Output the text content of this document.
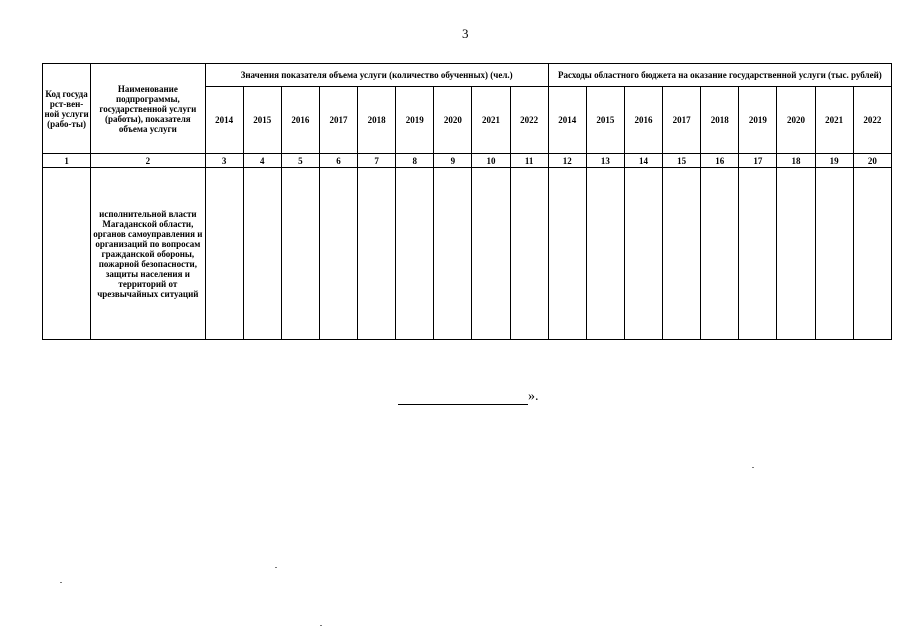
3
Код госуда рст-вен-ной услуги (рабо-ты)	Наименование подпрограммы, государственной услуги (работы), показателя объема услуги	Значения показателя объема услуги (количество обученных) (чел.)									Расходы областного бюджета на оказание государственной услуги (тыс. рублей)								
		2014	2015	2016	2017	2018	2019	2020	2021	2022	2014	2015	2016	2017	2018	2019	2020	2021	2022
1	2	3	4	5	6	7	8	9	10	11	12	13	14	15	16	17	18	19	20
	исполнительной власти Магаданской области, органов самоуправления и организаций по вопросам гражданской обороны, пожарной безопасности, защиты населения и территорий от чрезвычайных ситуаций																		
».
